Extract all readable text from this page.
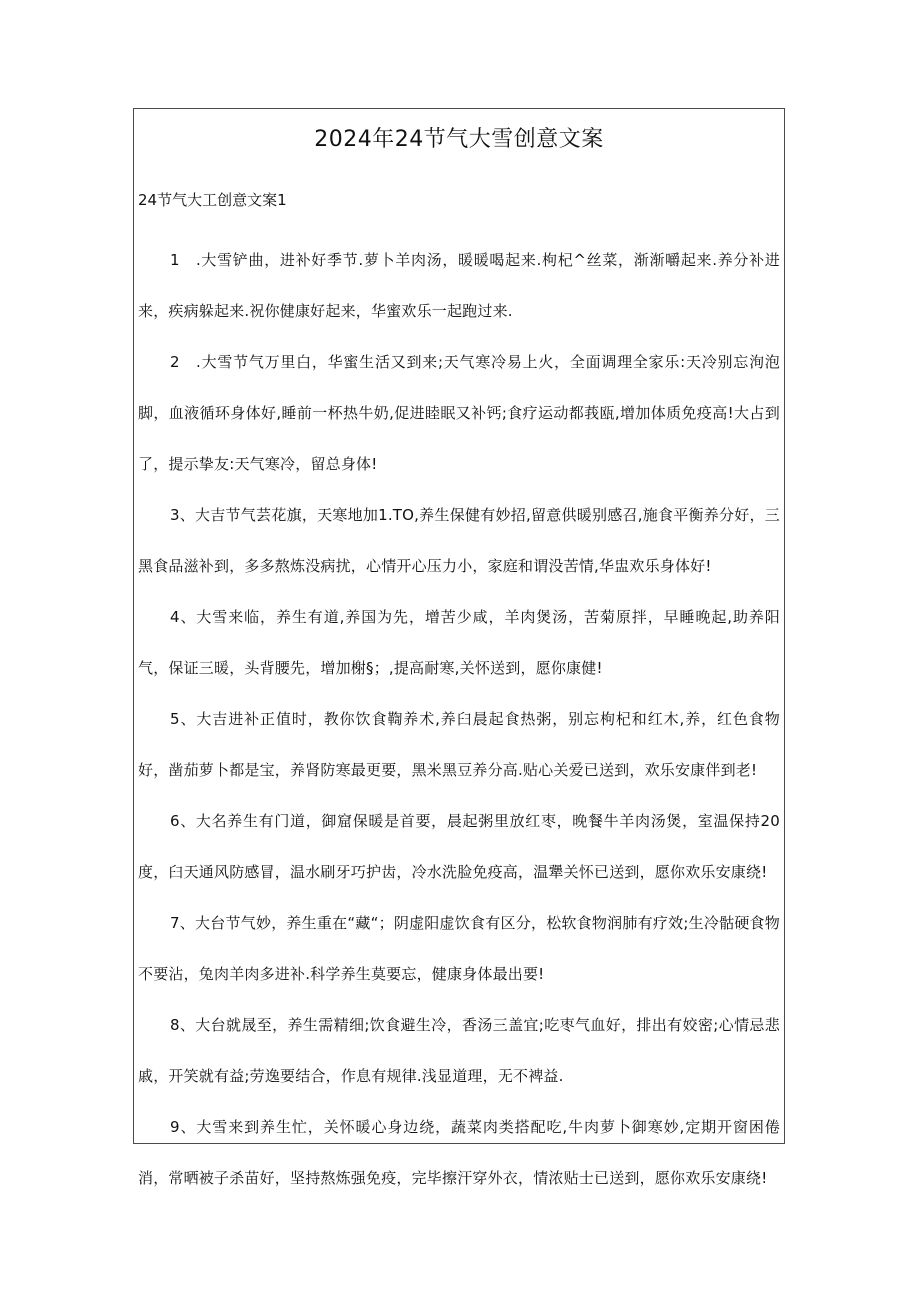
2024年24节气大雪创意文案
24节气大工创意文案1

1　.大雪铲曲，进补好季节.萝卜羊肉汤，暖暖喝起来.枸杞^丝菜，渐渐嚼起来.养分补进来，疾病躲起来.祝你健康好起来，华蜜欢乐一起跑过来.

2　.大雪节气万里白，华蜜生活又到来;天气寒冷易上火，全面调理全家乐:天冷别忘洵泡脚，血液循环身体好,睡前一杯热牛奶,促进睦眠又补钙;食疗运动都莪瓯,增加体质免疫高!大占到了，提示挚友:天气寒冷，留总身体!

3、大吉节气芸花旗，天寒地加1.TO,养生保健有妙招,留意供暖别感召,施食平衡养分好，三黑食品滋补到，多多熬炼没病扰，心情开心压力小，家庭和谓没苦情,华盅欢乐身体好!

4、大雪来临，养生有道,养国为先，增苦少咸，羊肉煲汤，苦菊原拌，早睡晚起,助养阳气，保证三暖，头背腰先，增加榭§；,提高耐寒,关怀送到，愿你康健!

5、大吉进补正值时，教你饮食鞫养术,养臼晨起食热粥，别忘枸杞和红木,养，红色食物好，凿茄萝卜都是宝，养肾防寒最更要，黑米黑豆养分高.贴心关爱已送到，欢乐安康伴到老!

6、大名养生有门道，御窟保暖是首要，晨起粥里放红枣，晚餐牛羊肉汤煲，室温保持20度，臼天通风防感冒，温水刷牙巧护齿，冷水洗脸免疫高，温犟关怀已送到，愿你欢乐安康绕!

7、大台节气妙，养生重在“藏“；阴虚阳虚饮食有区分，松软食物润肺有疗效;生冷骷硬食物不要沾，兔肉羊肉多进补.科学养生莫要忘，健康身体最出要!

8、大台就晟至，养生需精细;饮食避生冷，香汤三盖宜;吃枣气血好，排出有姣密;心情忌悲戚，开笑就有益;劳逸要结合，作息有规律.浅显道理，无不裨益.

9、大雪来到养生忙，关怀暖心身边绕，蔬菜肉类搭配吃,牛肉萝卜御寒妙,定期开窗困倦消，常晒被子杀苗好，坚持熬炼强免疫，完毕擦汗穿外衣，情浓贴士已送到，愿你欢乐安康绕!
